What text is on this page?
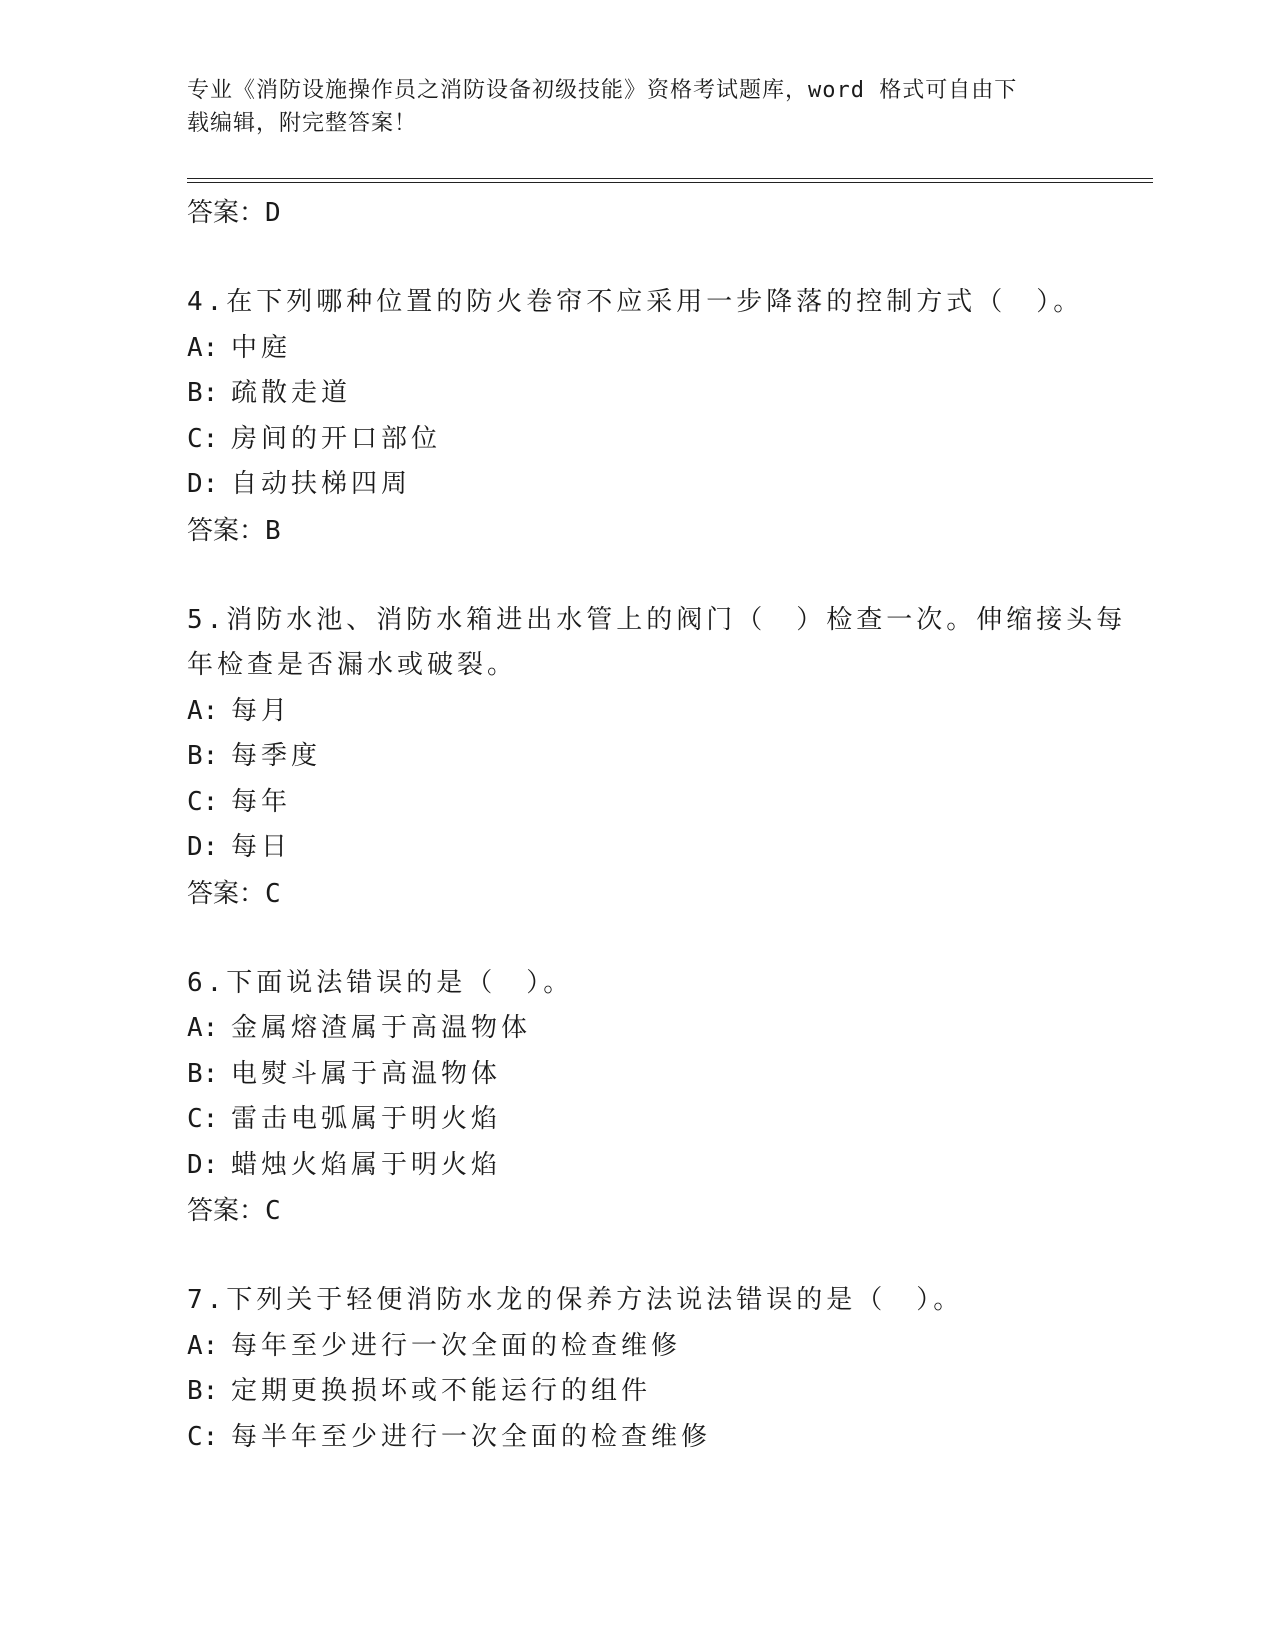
专业《消防设施操作员之消防设备初级技能》资格考试题库，word 格式可自由下
载编辑，附完整答案！
答案：D
4.在下列哪种位置的防火卷帘不应采用一步降落的控制方式（　）。
A: 中庭
B: 疏散走道
C: 房间的开口部位
D: 自动扶梯四周
答案：B
5.消防水池、消防水箱进出水管上的阀门（　）检查一次。伸缩接头每年检查是否漏水或破裂。
A: 每月
B: 每季度
C: 每年
D: 每日
答案：C
6.下面说法错误的是（　）。
A: 金属熔渣属于高温物体
B: 电熨斗属于高温物体
C: 雷击电弧属于明火焰
D: 蜡烛火焰属于明火焰
答案：C
7.下列关于轻便消防水龙的保养方法说法错误的是（　）。
A: 每年至少进行一次全面的检查维修
B: 定期更换损坏或不能运行的组件
C: 每半年至少进行一次全面的检查维修
